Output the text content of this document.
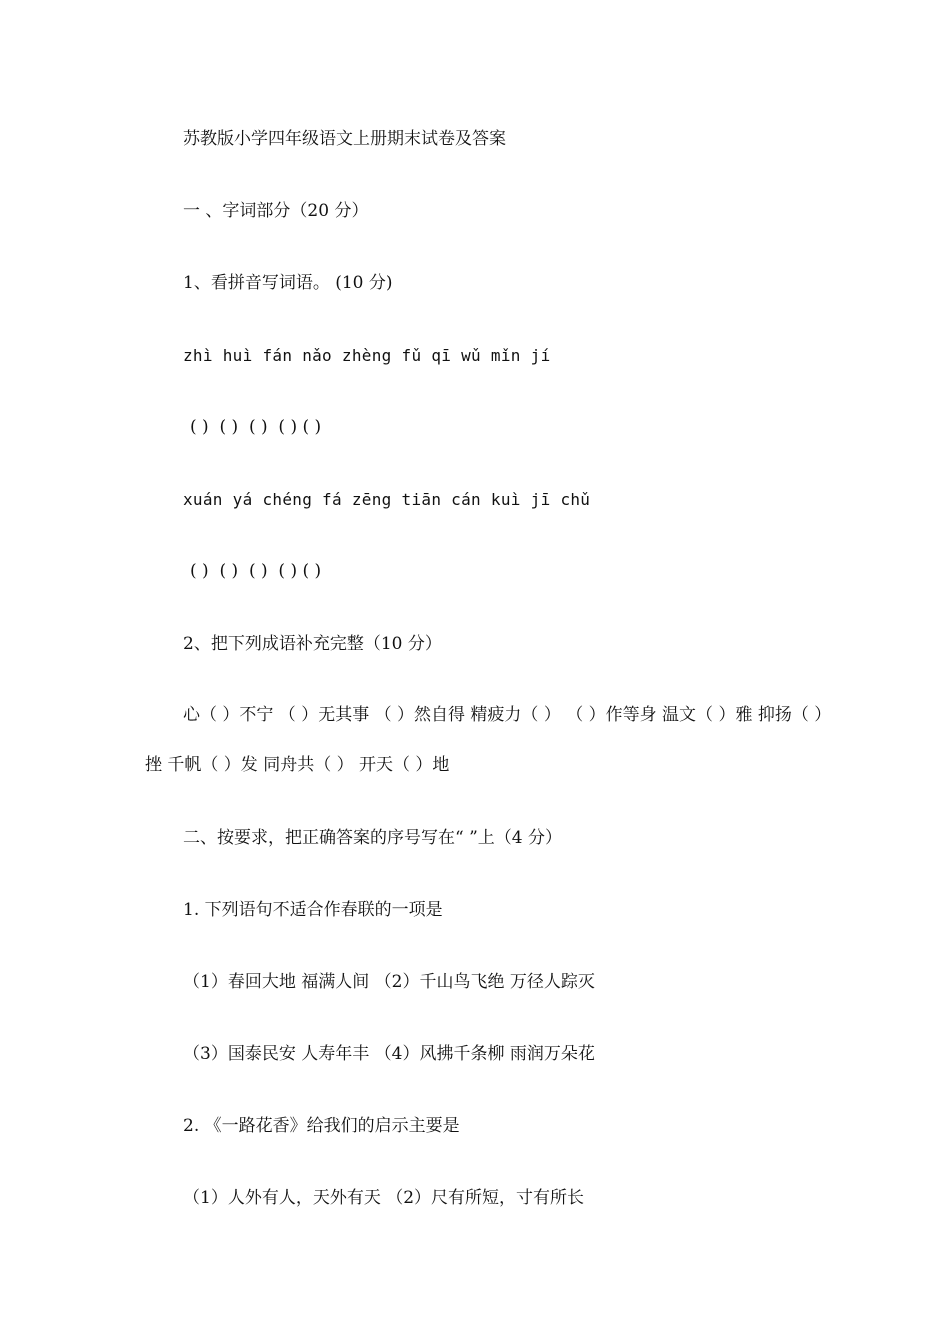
苏教版小学四年级语文上册期末试卷及答案
一 、字词部分（20 分）
1、看拼音写词语。 (10 分)
zhì huì fán nǎo zhèng fǔ qī wǔ mǐn jí
( )  ( )  ( )  ( ) ( )
xuán yá chéng fá zēng tiān cán kuì jī chǔ
( )  ( )  ( )  ( ) ( )
2、把下列成语补充完整（10 分）
心（ ）不宁 （ ）无其事 （ ）然自得 精疲力（ ） （ ）作等身 温文（ ）雅 抑扬（ ）挫 千帆（ ）发 同舟共（ ） 开天（ ）地
二、按要求，把正确答案的序号写在“ ”上（4 分）
1. 下列语句不适合作春联的一项是
（1）春回大地 福满人间 （2）千山鸟飞绝 万径人踪灭
（3）国泰民安 人寿年丰 （4）风拂千条柳 雨润万朵花
2. 《一路花香》给我们的启示主要是
（1）人外有人，天外有天 （2）尺有所短，寸有所长
